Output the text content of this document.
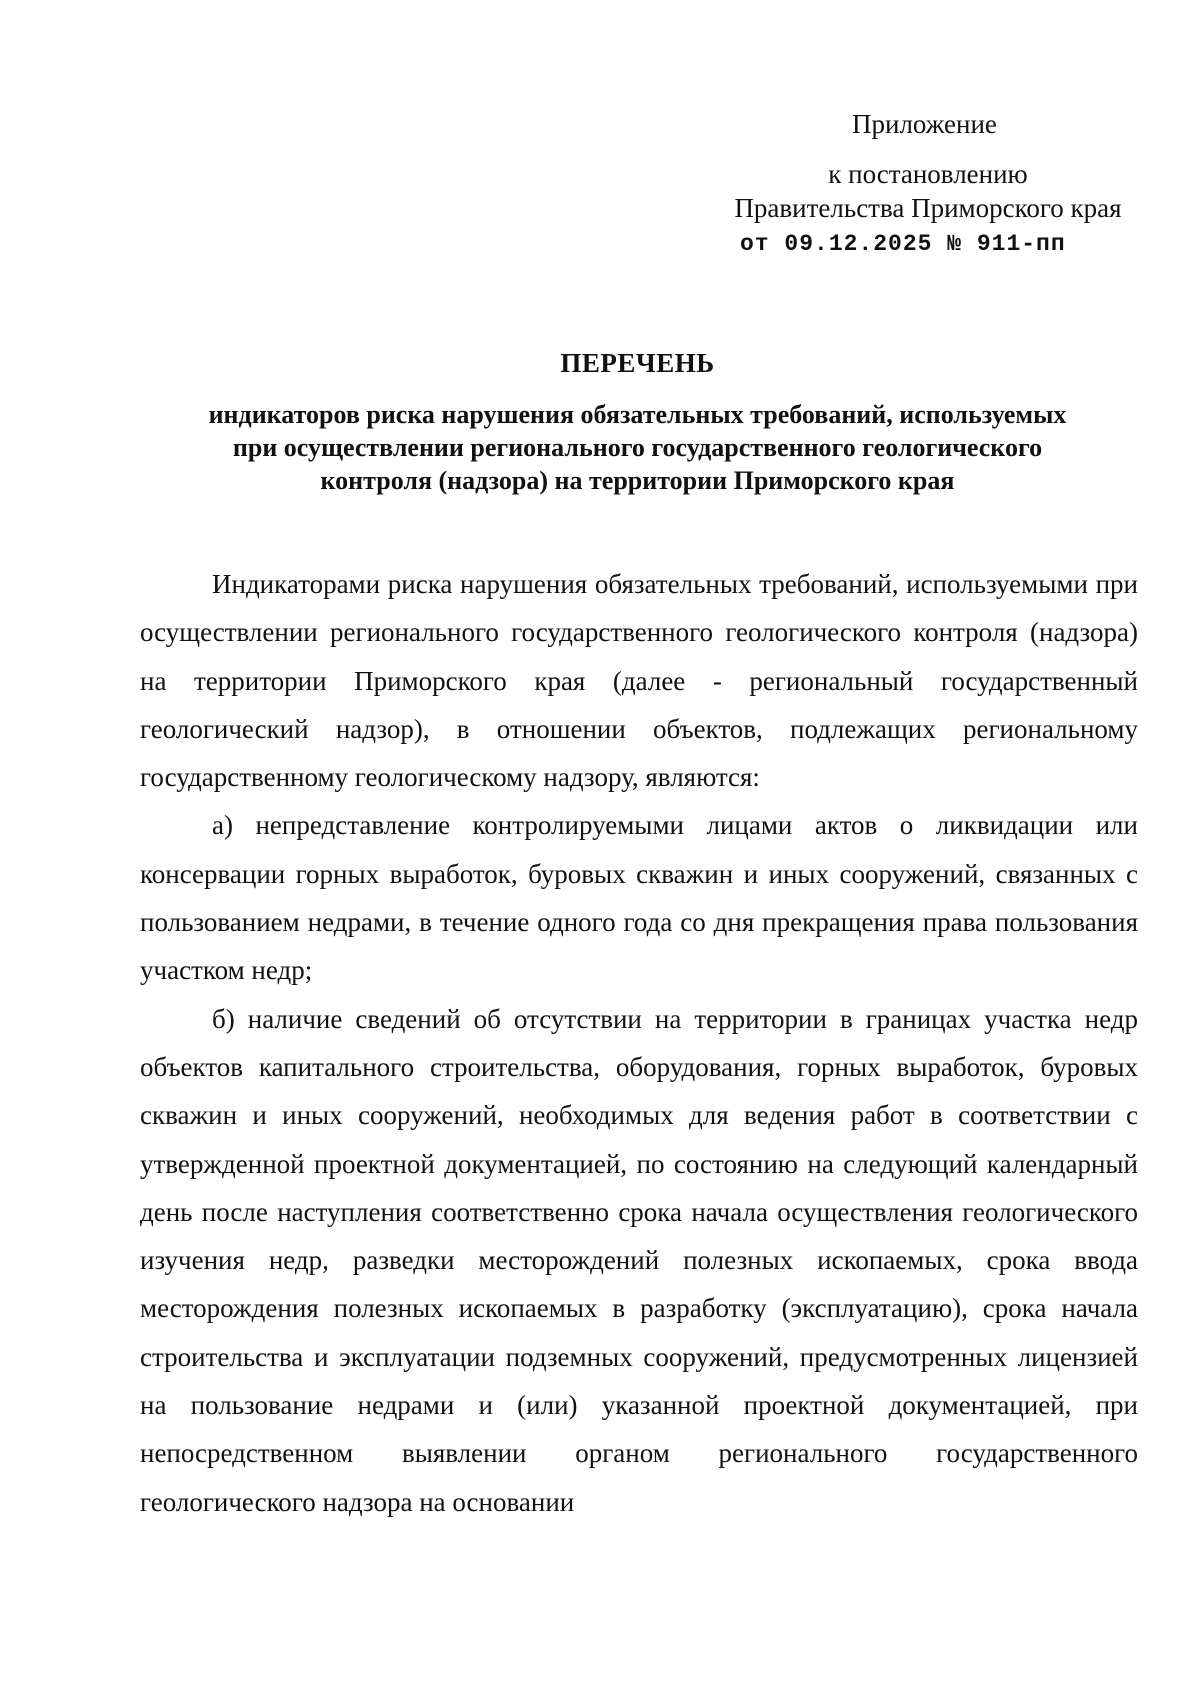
Приложение
к постановлению
Правительства Приморского края
от 09.12.2025 № 911-пп
ПЕРЕЧЕНЬ
индикаторов риска нарушения обязательных требований, используемых
при осуществлении регионального государственного геологического
контроля (надзора) на территории Приморского края

Индикаторами риска нарушения обязательных требований, используемыми при осуществлении регионального государственного геологического контроля (надзора) на территории Приморского края (далее - региональный государственный геологический надзор), в отношении объектов, подлежащих региональному государственному геологическому надзору, являются:

а) непредставление контролируемыми лицами актов о ликвидации или консервации горных выработок, буровых скважин и иных сооружений, связанных с пользованием недрами, в течение одного года со дня прекращения права пользования участком недр;

б) наличие сведений об отсутствии на территории в границах участка недр объектов капитального строительства, оборудования, горных выработок, буровых скважин и иных сооружений, необходимых для ведения работ в соответствии с утвержденной проектной документацией, по состоянию на следующий календарный день после наступления соответственно срока начала осуществления геологического изучения недр, разведки месторождений полезных ископаемых, срока ввода месторождения полезных ископаемых в разработку (эксплуатацию), срока начала строительства и эксплуатации подземных сооружений, предусмотренных лицензией на пользование недрами и (или) указанной проектной документацией, при непосредственном выявлении органом регионального государственного геологического надзора на основании
